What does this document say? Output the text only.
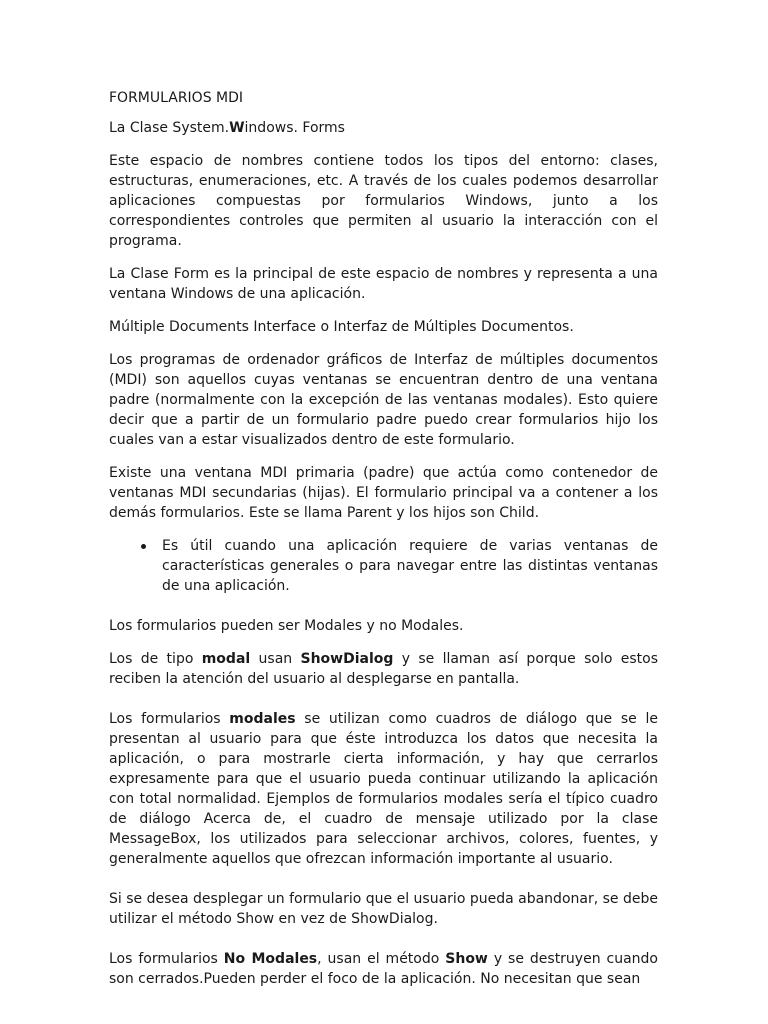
FORMULARIOS MDI

La Clase System.Windows. Forms

Este espacio de nombres contiene todos los tipos del entorno: clases, estructuras, enumeraciones, etc. A través de los cuales podemos desarrollar aplicaciones compuestas por formularios Windows, junto a los correspondientes controles que permiten al usuario la interacción con el programa.

La Clase Form es la principal de este espacio de nombres y representa a una ventana Windows de una aplicación.

Múltiple Documents Interface o Interfaz de Múltiples Documentos.

Los programas de ordenador gráficos de Interfaz de múltiples documentos (MDI) son aquellos cuyas ventanas se encuentran dentro de una ventana padre (normalmente con la excepción de las ventanas modales). Esto quiere decir que a partir de un formulario padre puedo crear formularios hijo los cuales van a estar visualizados dentro de este formulario.

Existe una ventana MDI primaria (padre) que actúa como contenedor de ventanas MDI secundarias (hijas). El formulario principal va a contener a los demás formularios. Este se llama Parent y los hijos son Child.

Es útil cuando una aplicación requiere de varias ventanas de características generales o para navegar entre las distintas ventanas de una aplicación.

Los formularios pueden ser Modales y no Modales.

Los de tipo modal usan ShowDialog y se llaman así porque solo estos reciben la atención del usuario al desplegarse en pantalla.

Los formularios modales se utilizan como cuadros de diálogo que se le presentan al usuario para que éste introduzca los datos que necesita la aplicación, o para mostrarle cierta información, y hay que cerrarlos expresamente para que el usuario pueda continuar utilizando la aplicación con total normalidad. Ejemplos de formularios modales sería el típico cuadro de diálogo Acerca de, el cuadro de mensaje utilizado por la clase MessageBox, los utilizados para seleccionar archivos, colores, fuentes, y generalmente aquellos que ofrezcan información importante al usuario.

Si se desea desplegar un formulario que el usuario pueda abandonar, se debe utilizar el método Show en vez de ShowDialog.

Los formularios No Modales, usan el método Show y se destruyen cuando son cerrados.Pueden perder el foco de la aplicación. No necesitan que sean
